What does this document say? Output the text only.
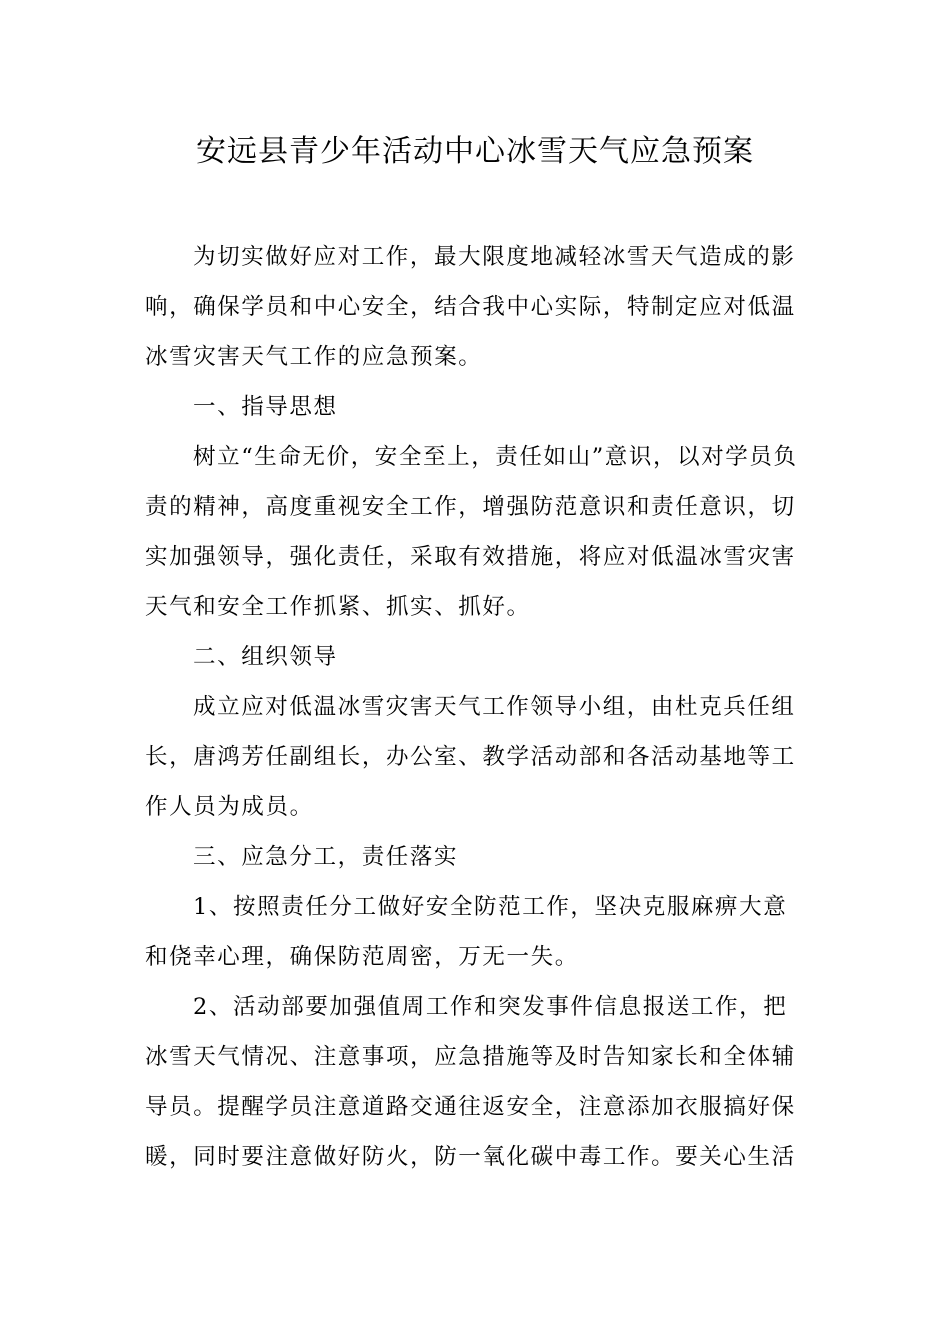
安远县青少年活动中心冰雪天气应急预案

为切实做好应对工作，最大限度地减轻冰雪天气造成的影响，确保学员和中心安全，结合我中心实际，特制定应对低温冰雪灾害天气工作的应急预案。

一、指导思想

树立“生命无价，安全至上，责任如山”意识，以对学员负责的精神，高度重视安全工作，增强防范意识和责任意识，切实加强领导，强化责任，采取有效措施，将应对低温冰雪灾害天气和安全工作抓紧、抓实、抓好。

二、组织领导

成立应对低温冰雪灾害天气工作领导小组，由杜克兵任组长，唐鸿芳任副组长，办公室、教学活动部和各活动基地等工作人员为成员。

三、应急分工，责任落实

1、按照责任分工做好安全防范工作，坚决克服麻痹大意和侥幸心理，确保防范周密，万无一失。

2、活动部要加强值周工作和突发事件信息报送工作，把冰雪天气情况、注意事项，应急措施等及时告知家长和全体辅导员。提醒学员注意道路交通往返安全，注意添加衣服搞好保暖，同时要注意做好防火，防一氧化碳中毒工作。要关心生活
